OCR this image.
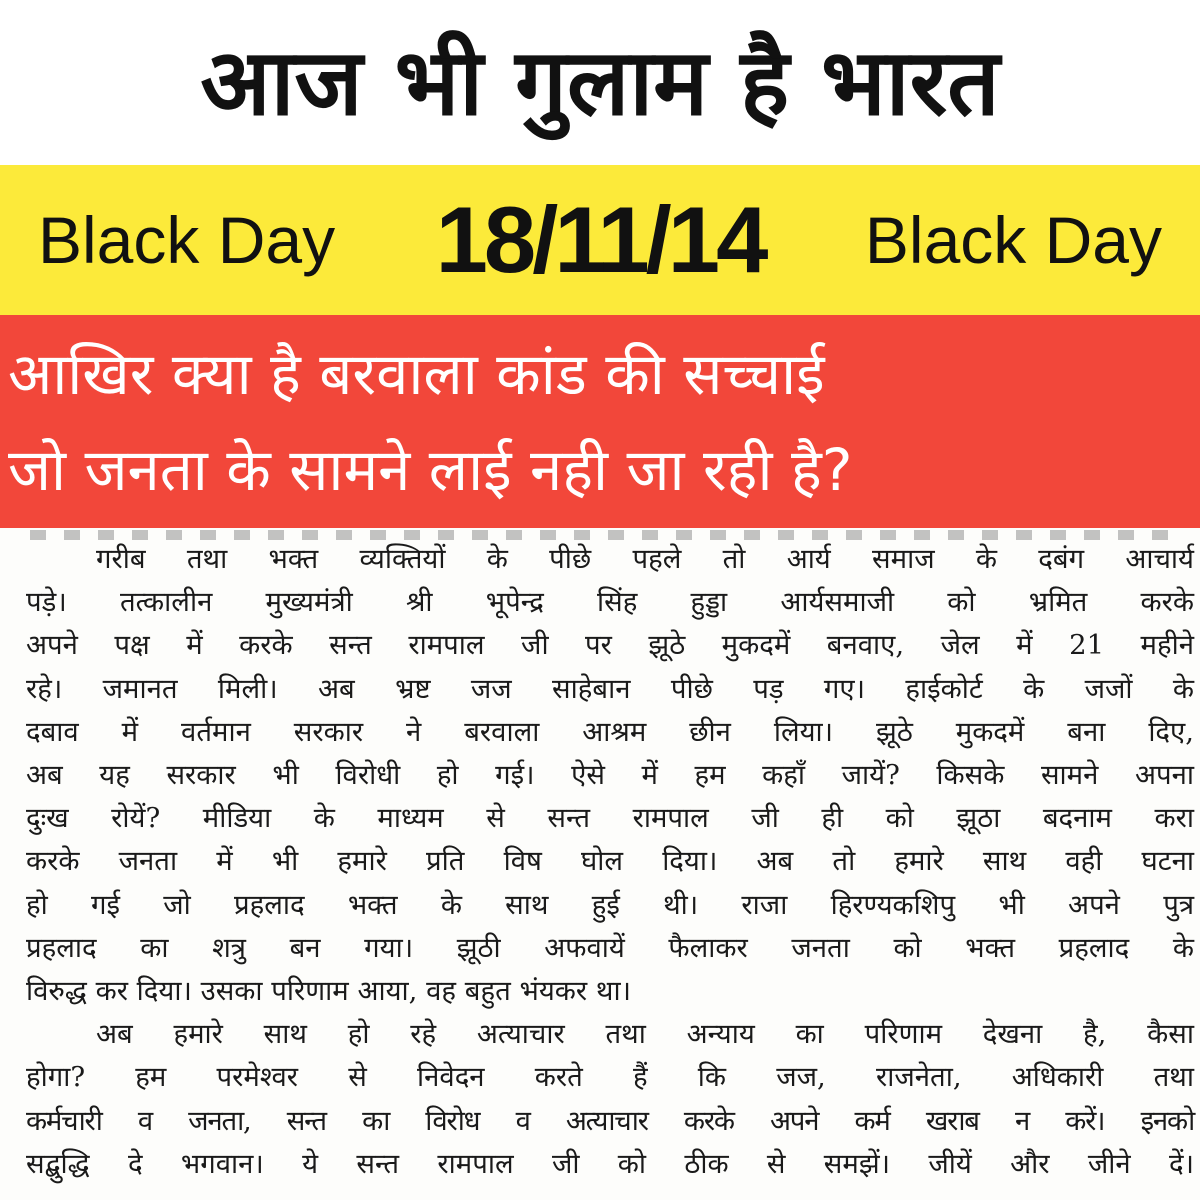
आज भी गुलाम है भारत
Black Day 18/11/14 Black Day
आखिर क्या है बरवाला कांड की सच्चाई
जो जनता के सामने लाई नही जा रही है?
गरीब तथा भक्त व्यक्तियों के पीछे पहले तो आर्य समाज के दबंग आचार्य
पड़े। तत्कालीन मुख्यमंत्री श्री भूपेन्द्र सिंह हुड्डा आर्यसमाजी को भ्रमित करके
अपने पक्ष में करके सन्त रामपाल जी पर झूठे मुकदमें बनवाए, जेल में 21 महीने
रहे। जमानत मिली। अब भ्रष्ट जज साहेबान पीछे पड़ गए। हाईकोर्ट के जजों के
दबाव में वर्तमान सरकार ने बरवाला आश्रम छीन लिया। झूठे मुकदमें बना दिए,
अब यह सरकार भी विरोधी हो गई। ऐसे में हम कहाँ जायें? किसके सामने अपना
दुःख रोयें? मीडिया के माध्यम से सन्त रामपाल जी ही को झूठा बदनाम करा
करके जनता में भी हमारे प्रति विष घोल दिया। अब तो हमारे साथ वही घटना
हो गई जो प्रहलाद भक्त के साथ हुई थी। राजा हिरण्यकशिपु भी अपने पुत्र
प्रहलाद का शत्रु बन गया। झूठी अफवायें फैलाकर जनता को भक्त प्रहलाद के
विरुद्ध कर दिया। उसका परिणाम आया, वह बहुत भंयकर था।
अब हमारे साथ हो रहे अत्याचार तथा अन्याय का परिणाम देखना है, कैसा
होगा? हम परमेश्वर से निवेदन करते हैं कि जज, राजनेता, अधिकारी तथा
कर्मचारी व जनता, सन्त का विरोध व अत्याचार करके अपने कर्म खराब न करें। इनको
सद्बुद्धि दे भगवान। ये सन्त रामपाल जी को ठीक से समझें। जीयें और जीने दें।
